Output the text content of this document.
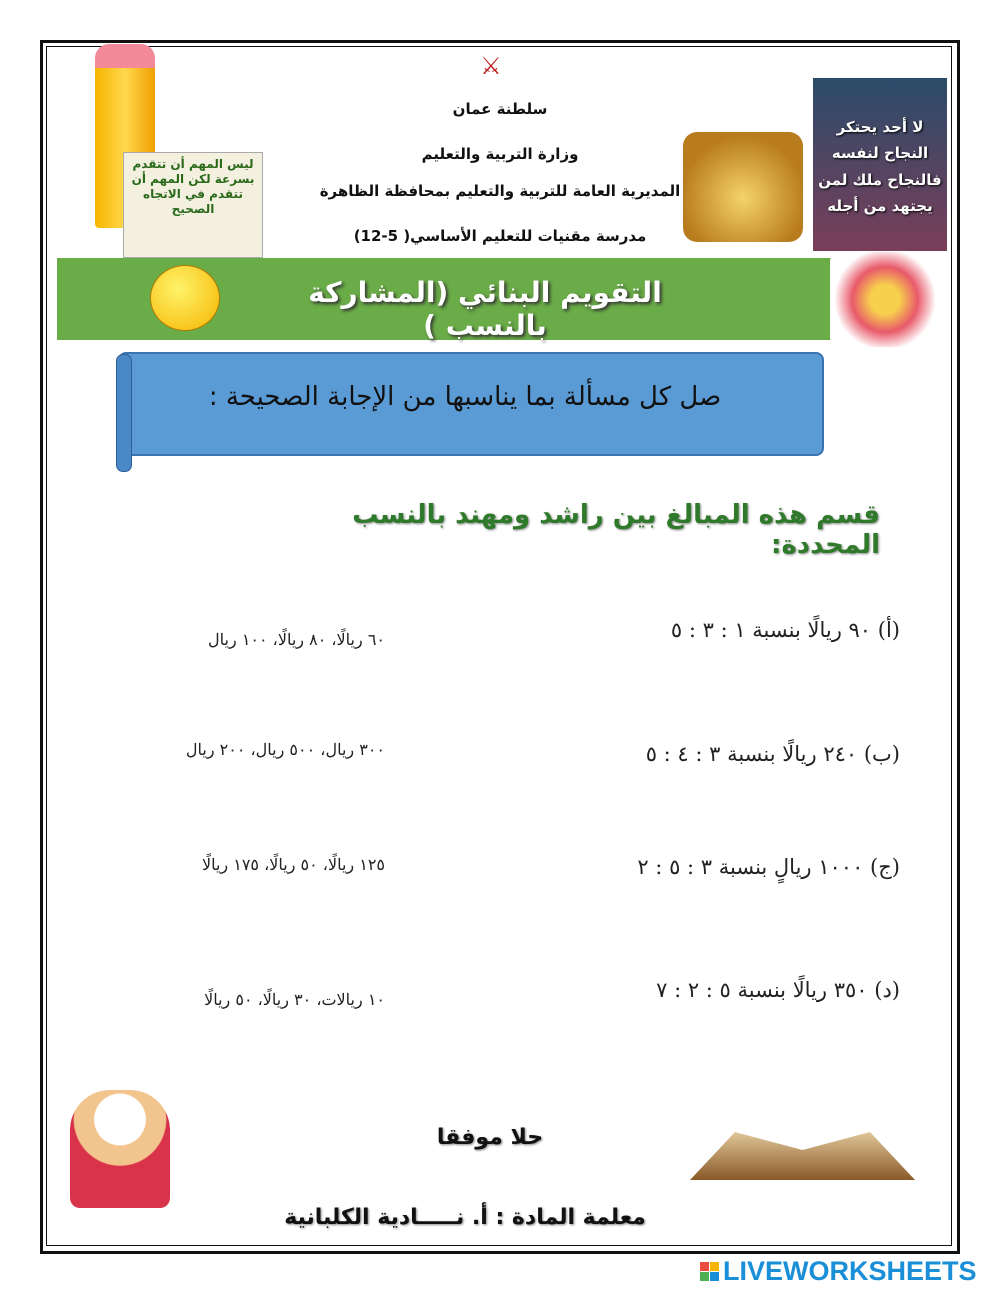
⚔
سلطنة عمان
وزارة التربية والتعليم
المديرية العامة للتربية والتعليم بمحافظة الظاهرة
مدرسة مقنيات للتعليم الأساسي( 5-12)
ليس المهم أن تتقدم بسرعة لكن المهم أن تتقدم في الاتجاه الصحيح
لا أحد يحتكر النجاح لنفسه فالنجاح ملك لمن يجتهد من أجله
التقويم البنائي (المشاركة بالنسب )
صل كل مسألة بما يناسبها من الإجابة الصحيحة :
قسم هذه المبالغ بين راشد ومهند بالنسب المحددة:
(أ) ٩٠ ريالًا بنسبة ١ : ٣ : ٥
٦٠ ريالًا، ٨٠ ريالًا، ١٠٠ ريال
(ب) ٢٤٠ ريالًا بنسبة ٣ : ٤ : ٥
٣٠٠ ريال، ٥٠٠ ريال، ٢٠٠ ريال
(ج) ١٠٠٠ ريالٍ بنسبة ٣ : ٥ : ٢
١٢٥ ريالًا، ٥٠ ريالًا، ١٧٥ ريالًا
(د) ٣٥٠ ريالًا بنسبة ٥ : ٢ : ٧
١٠ ريالات، ٣٠ ريالًا، ٥٠ ريالًا
حلا موفقا
معلمة المادة : أ. نـــــادية الكلبانية
LIVEWORKSHEETS
